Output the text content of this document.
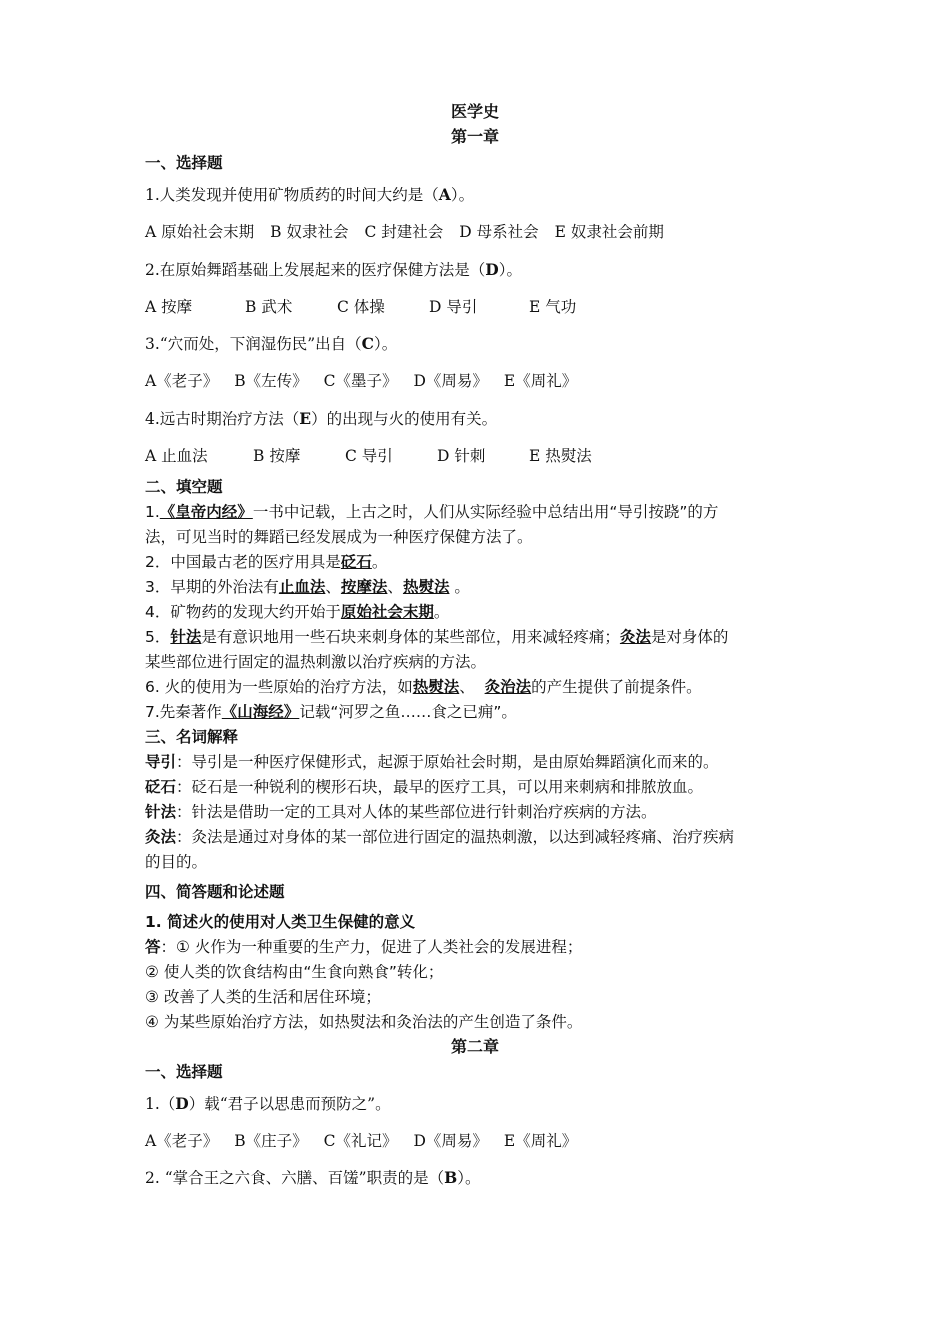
医学史
第一章
一、选择题
1.人类发现并使用矿物质药的时间大约是（A）。
A 原始社会末期 B 奴隶社会 C 封建社会 D 母系社会 E 奴隶社会前期
2.在原始舞蹈基础上发展起来的医疗保健方法是（D）。
A 按摩	B 武术	C 体操	D 导引	E 气功
3.“穴而处，下润湿伤民”出自（C）。
A《老子》 B《左传》 C《墨子》 D《周易》 E《周礼》
4.远古时期治疗方法（E）的出现与火的使用有关。
A 止血法	B 按摩	C 导引	D 针刺	E 热熨法
二、填空题
1.《皇帝内经》一书中记载，上古之时，人们从实际经验中总结出用“导引按跷”的方
法，可见当时的舞蹈已经发展成为一种医疗保健方法了。
2．中国最古老的医疗用具是砭石。
3．早期的外治法有止血法、按摩法、热熨法 。
4．矿物药的发现大约开始于原始社会末期。
5．针法是有意识地用一些石块来刺身体的某些部位，用来减轻疼痛；灸法是对身体的
某些部位进行固定的温热刺激以治疗疾病的方法。
6. 火的使用为一些原始的治疗方法，如热熨法、 灸治法的产生提供了前提条件。
7.先秦著作《山海经》记载“河罗之鱼……食之已痈”。
三、名词解释
导引：导引是一种医疗保健形式，起源于原始社会时期，是由原始舞蹈演化而来的。
砭石：砭石是一种锐利的楔形石块，最早的医疗工具，可以用来刺病和排脓放血。
针法：针法是借助一定的工具对人体的某些部位进行针刺治疗疾病的方法。
灸法：灸法是通过对身体的某一部位进行固定的温热刺激，以达到减轻疼痛、治疗疾病
的目的。
四、简答题和论述题
1. 简述火的使用对人类卫生保健的意义
答：① 火作为一种重要的生产力，促进了人类社会的发展进程；
② 使人类的饮食结构由“生食向熟食”转化；
③ 改善了人类的生活和居住环境；
④ 为某些原始治疗方法，如热熨法和灸治法的产生创造了条件。
第二章
一、选择题
1.（D）载“君子以思患而预防之”。
A《老子》 B《庄子》 C《礼记》 D《周易》 E《周礼》
2. “掌合王之六食、六膳、百馐”职责的是（B）。
